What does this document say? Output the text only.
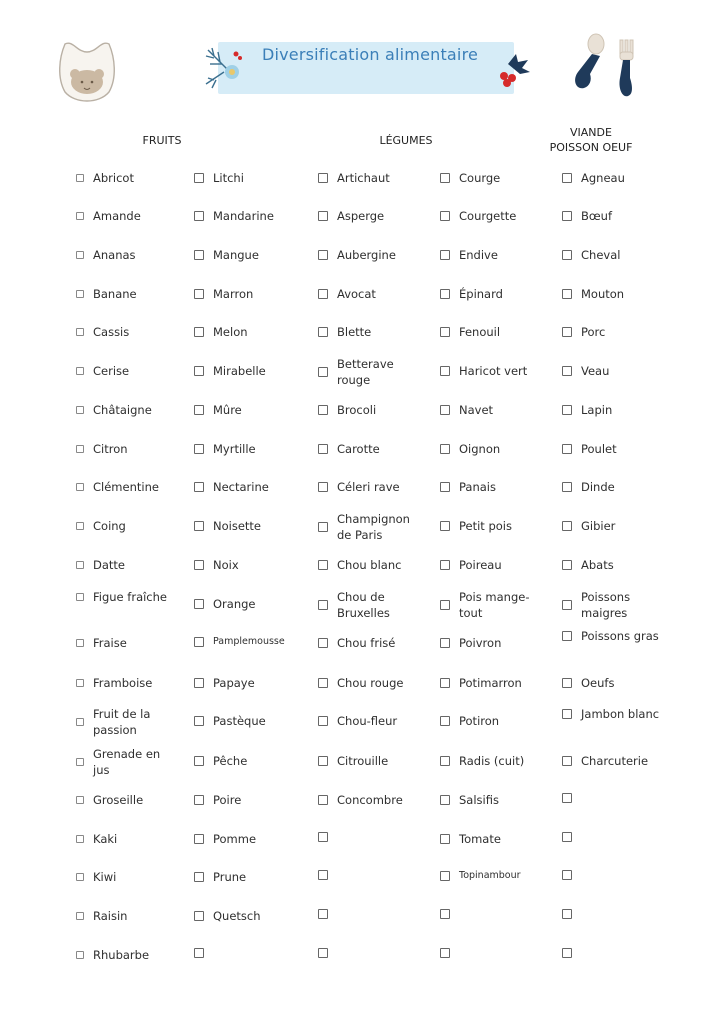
Diversification alimentaire
FRUITS	LÉGUMES
VIANDE
POISSON OEUF
Abricot
Amande
Ananas
Banane
Cassis
Cerise
Châtaigne
Citron
Clémentine
Coing
Datte
Figue fraîche
Fraise
Framboise
Fruit de la passion
Grenade en jus
Groseille
Kaki
Kiwi
Raisin
Rhubarbe
Litchi
Mandarine
Mangue
Marron
Melon
Mirabelle
Mûre
Myrtille
Nectarine
Noisette
Noix
Orange
Pamplemousse
Papaye
Pastèque
Pêche
Poire
Pomme
Prune
Quetsch
Artichaut
Asperge
Aubergine
Avocat
Blette
Betterave rouge
Brocoli
Carotte
Céleri rave
Champignon de Paris
Chou blanc
Chou de Bruxelles
Chou frisé
Chou rouge
Chou-fleur
Citrouille
Concombre
Courge
Courgette
Endive
Épinard
Fenouil
Haricot vert
Navet
Oignon
Panais
Petit pois
Poireau
Pois mange-tout
Poivron
Potimarron
Potiron
Radis (cuit)
Salsifis
Tomate
Topinambour
Agneau
Bœuf
Cheval
Mouton
Porc
Veau
Lapin
Poulet
Dinde
Gibier
Abats
Poissons maigres
Poissons gras
Oeufs
Jambon blanc
Charcuterie
